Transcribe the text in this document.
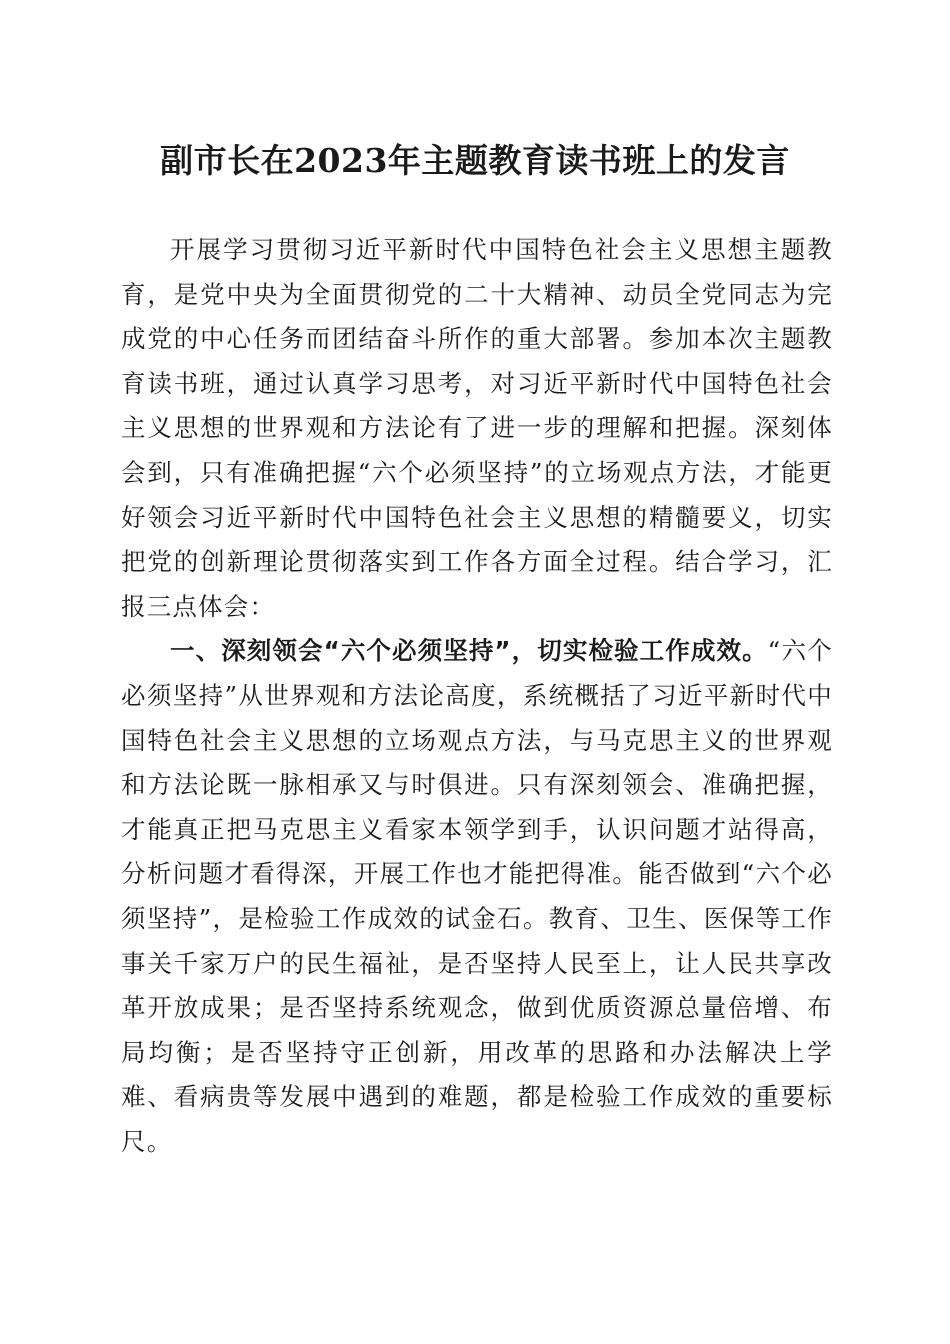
副市长在2023年主题教育读书班上的发言

开展学习贯彻习近平新时代中国特色社会主义思想主题教育，是党中央为全面贯彻党的二十大精神、动员全党同志为完成党的中心任务而团结奋斗所作的重大部署。参加本次主题教育读书班，通过认真学习思考，对习近平新时代中国特色社会主义思想的世界观和方法论有了进一步的理解和把握。深刻体会到，只有准确把握“六个必须坚持”的立场观点方法，才能更好领会习近平新时代中国特色社会主义思想的精髓要义，切实把党的创新理论贯彻落实到工作各方面全过程。结合学习，汇报三点体会：

一、深刻领会“六个必须坚持”，切实检验工作成效。“六个必须坚持”从世界观和方法论高度，系统概括了习近平新时代中国特色社会主义思想的立场观点方法，与马克思主义的世界观和方法论既一脉相承又与时俱进。只有深刻领会、准确把握，才能真正把马克思主义看家本领学到手，认识问题才站得高，分析问题才看得深，开展工作也才能把得准。能否做到“六个必须坚持”，是检验工作成效的试金石。教育、卫生、医保等工作事关千家万户的民生福祉，是否坚持人民至上，让人民共享改革开放成果；是否坚持系统观念，做到优质资源总量倍增、布局均衡；是否坚持守正创新，用改革的思路和办法解决上学难、看病贵等发展中遇到的难题，都是检验工作成效的重要标尺。
